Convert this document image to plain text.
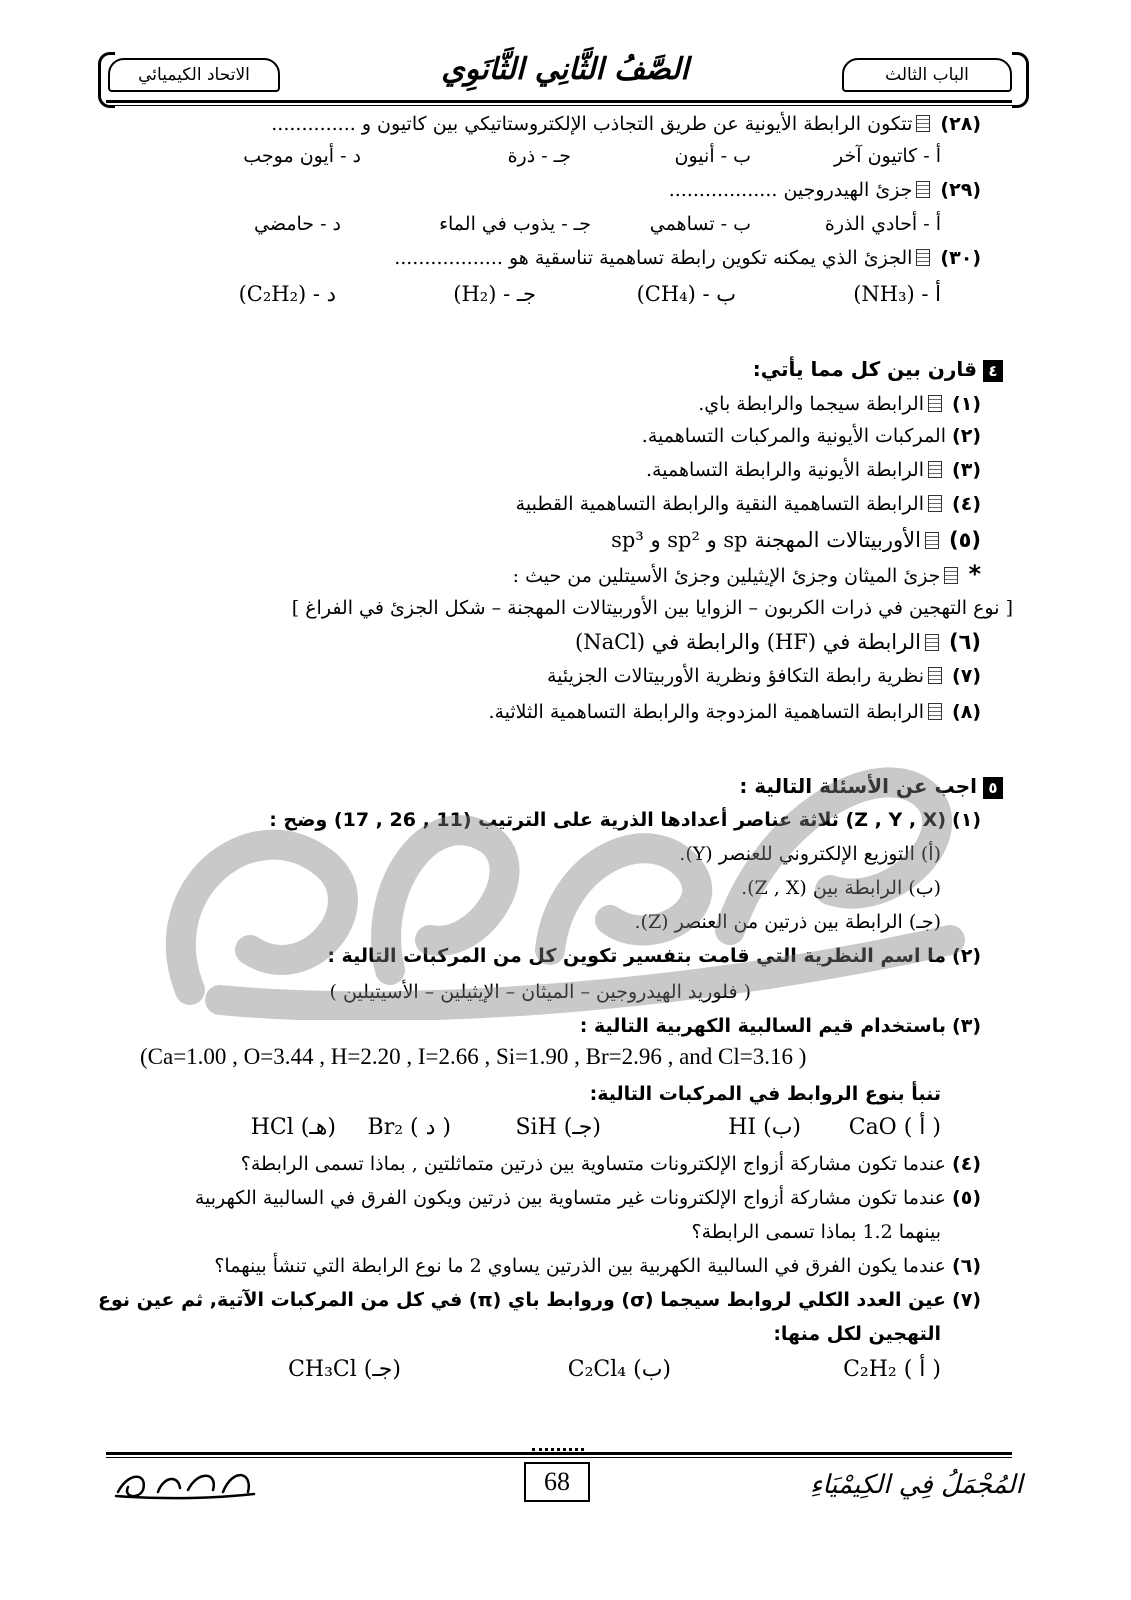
الاتحاد الكيميائي	الصَّفُ الثَّانِي الثَّانَوِي	الباب الثالث
(٢٨)تتكون الرابطة الأيونية عن طريق التجاذب الإلكتروستاتيكي بين كاتيون و ..............
أ - كاتيون آخر
ب - أنيون
جـ - ذرة
د - أيون موجب
(٢٩)جزئ الهيدروجين ..................
أ - أحادي الذرة
ب - تساهمي
جـ - يذوب في الماء
د - حامضي
(٣٠)الجزئ الذي يمكنه تكوين رابطة تساهمية تناسقية هو ..................
أ - (NH₃)
ب - (CH₄)
جـ - (H₂)
د - (C₂H₂)
٤قارن بين كل مما يأتي:
(١)الرابطة سيجما والرابطة باي.
(٢)المركبات الأيونية والمركبات التساهمية.
(٣)الرابطة الأيونية والرابطة التساهمية.
(٤)الرابطة التساهمية النقية والرابطة التساهمية القطبية
(٥)الأوربيتالات المهجنة sp و sp² و sp³
*جزئ الميثان وجزئ الإيثيلين وجزئ الأسيتلين من حيث :
[ نوع التهجين في ذرات الكربون – الزوايا بين الأوربيتالات المهجنة – شكل الجزئ في الفراغ ]
(٦)الرابطة في (HF) والرابطة في (NaCl)
(٧)نظرية رابطة التكافؤ ونظرية الأوربيتالات الجزيئية
(٨)الرابطة التساهمية المزدوجة والرابطة التساهمية الثلاثية.
٥اجب عن الأسئلة التالية :
(١)(Z , Y , X) ثلاثة عناصر أعدادها الذرية على الترتيب (11 , 26 , 17) وضح :
(أ) التوزيع الإلكتروني للعنصر (Y).
(ب) الرابطة بين (Z , X).
(جـ) الرابطة بين ذرتين من العنصر (Z).
(٢)ما اسم النظرية التي قامت بتفسير تكوين كل من المركبات التالية :
( فلوريد الهيدروجين – الميثان – الإيثيلين – الأسيتيلين )
(٣)باستخدام قيم السالبية الكهربية التالية :
(Ca=1.00 , O=3.44 , H=2.20 , I=2.66 , Si=1.90 , Br=2.96 , and Cl=3.16 )
تنبأ بنوع الروابط في المركبات التالية:
( أ ) CaO
(ب) HI
(جـ) SiH
( د ) Br₂
(هـ) HCl
(٤)عندما تكون مشاركة أزواج الإلكترونات متساوية بين ذرتين متماثلتين , بماذا تسمى الرابطة؟
(٥)عندما تكون مشاركة أزواج الإلكترونات غير متساوية بين ذرتين ويكون الفرق في السالبية الكهربية
بينهما 1.2 بماذا تسمى الرابطة؟
(٦)عندما يكون الفرق في السالبية الكهربية بين الذرتين يساوي 2 ما نوع الرابطة التي تنشأ بينهما؟
(٧)عين العدد الكلي لروابط سيجما (σ) وروابط باي (π) في كل من المركبات الآتية, ثم عين نوع
التهجين لكل منها:
( أ ) C₂H₂
(ب) C₂Cl₄
(جـ) CH₃Cl
68	المُجْمَلُ فِي الكِيمْيَاءِ
